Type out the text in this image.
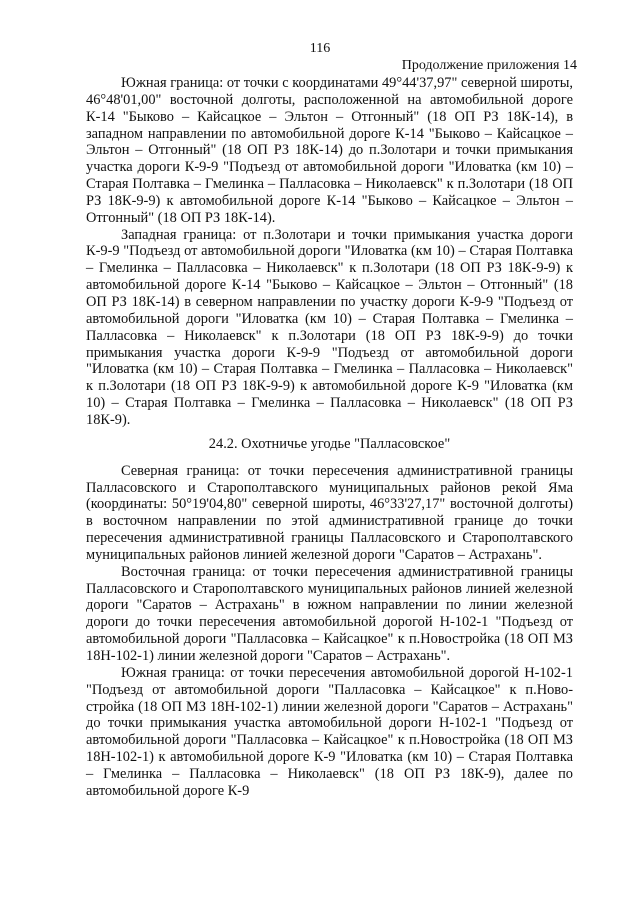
116
Продолжение приложения 14

Южная граница: от точки с координатами 49°44'37,97" северной широты, 46°48'01,00" восточной долготы, расположенной на автомобильной дороге К-14 "Быково – Кайсацкое – Эльтон – Отгонный" (18 ОП РЗ 18К-14), в западном направлении по автомобильной дороге К-14 "Быково – Кайсацкое – Эльтон – Отгонный" (18 ОП РЗ 18К-14) до п.Золотари и точки примыкания участка дороги К-9-9 "Подъезд от автомобильной дороги "Иловатка (км 10) – Старая Полтавка – Гмелинка – Палласовка – Николаевск" к п.Золотари (18 ОП РЗ 18К-9-9) к автомобильной дороге К-14 "Быково – Кайсацкое – Эльтон – Отгонный" (18 ОП РЗ 18К-14).

Западная граница: от п.Золотари и точки примыкания участка дороги К-9-9 "Подъезд от автомобильной дороги "Иловатка (км 10) – Старая Полтавка – Гмелинка – Палласовка – Николаевск" к п.Золотари (18 ОП РЗ 18К-9-9) к автомобильной дороге К-14 "Быково – Кайсацкое – Эльтон – Отгонный" (18 ОП РЗ 18К-14) в северном направлении по участку дороги К-9-9 "Подъезд от автомобильной дороги "Иловатка (км 10) – Старая Полтавка – Гмелинка – Палласовка – Николаевск" к п.Золотари (18 ОП РЗ 18К-9-9) до точки примыкания участка дороги К-9-9 "Подъезд от автомобильной дороги "Иловатка (км 10) – Старая Полтавка – Гмелинка – Палласовка – Николаевск" к п.Золотари (18 ОП РЗ 18К-9-9) к автомобильной дороге К-9 "Иловатка (км 10) – Старая Полтавка – Гмелинка – Палласовка – Николаевск" (18 ОП РЗ 18К-9).

24.2. Охотничье угодье "Палласовское"

Северная граница: от точки пересечения административной границы Палласовского и Старополтавского муниципальных районов рекой Яма (координаты: 50°19'04,80" северной широты, 46°33'27,17" восточной долготы) в восточном направлении по этой административной границе до точки пересечения административной границы Палласовского и Старополтавского муниципальных районов линией железной дороги "Саратов – Астрахань".

Восточная граница: от точки пересечения административной границы Палласовского и Старополтавского муниципальных районов линией железной дороги "Саратов – Астрахань" в южном направлении по линии железной дороги до точки пересечения автомобильной дорогой Н-102-1 "Подъезд от автомобильной дороги "Палласовка – Кайсацкое" к п.Новостройка (18 ОП МЗ 18Н-102-1) линии железной дороги "Саратов – Астрахань".

Южная граница: от точки пересечения автомобильной дорогой Н-102-1 "Подъезд от автомобильной дороги "Палласовка – Кайсацкое" к п.Новостройка (18 ОП МЗ 18Н-102-1) линии железной дороги "Саратов – Астрахань" до точки примыкания участка автомобильной дороги Н-102-1 "Подъезд от автомобильной дороги "Палласовка – Кайсацкое" к п.Новостройка (18 ОП МЗ 18Н-102-1) к автомобильной дороге К-9 "Иловатка (км 10) – Старая Полтавка – Гмелинка – Палласовка – Николаевск" (18 ОП РЗ 18К-9), далее по автомобильной дороге К-9
